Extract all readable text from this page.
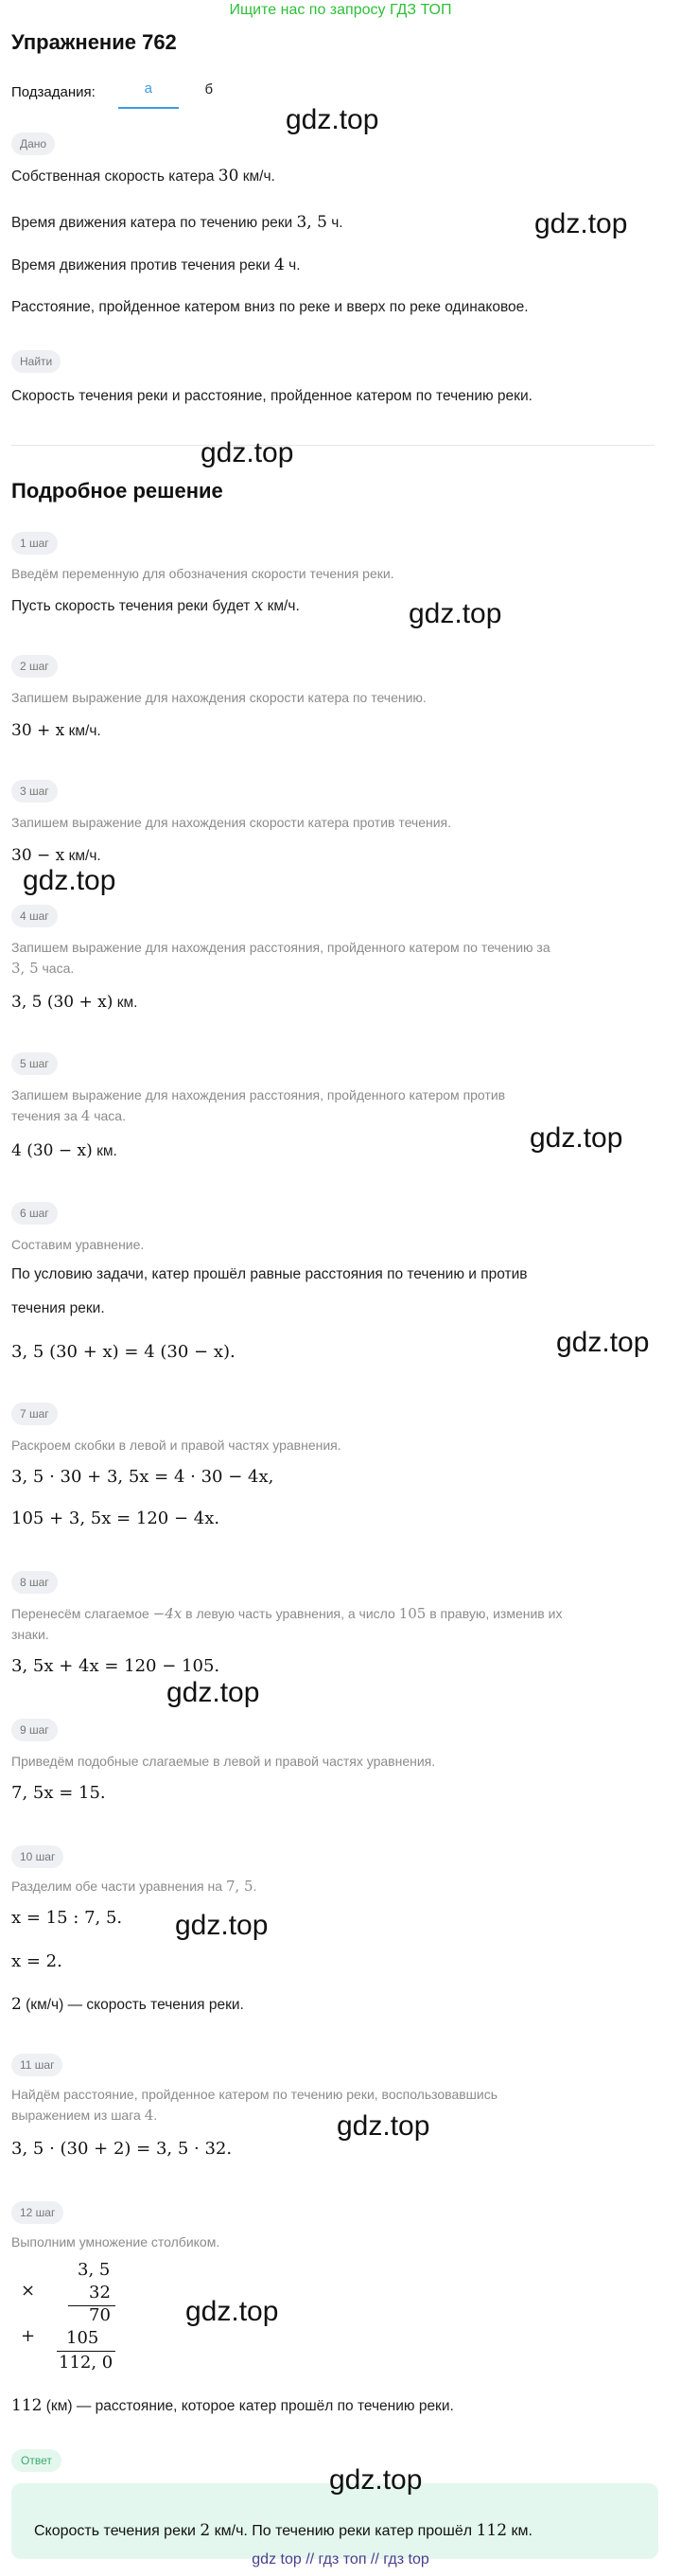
Ищите нас по запросу ГДЗ ТОП
Упражнение 762
Подзадания:	а	б
Дано
Собственная скорость катера 30 км/ч.
Время движения катера по течению реки 3, 5 ч.
Время движения против течения реки 4 ч.
Расстояние, пройденное катером вниз по реке и вверх по реке одинаковое.
Найти
Скорость течения реки и расстояние, пройденное катером по течению реки.
Подробное решение
1 шаг
Введём переменную для обозначения скорости течения реки.
Пусть скорость течения реки будет x км/ч.
2 шаг
Запишем выражение для нахождения скорости катера по течению.
30 + x км/ч.
3 шаг
Запишем выражение для нахождения скорости катера против течения.
30 − x км/ч.
4 шаг
Запишем выражение для нахождения расстояния, пройденного катером по течению за
3, 5 часа.
3, 5 (30 + x) км.
5 шаг
Запишем выражение для нахождения расстояния, пройденного катером против
течения за 4 часа.
4 (30 − x) км.
6 шаг
Составим уравнение.
По условию задачи, катер прошёл равные расстояния по течению и против
течения реки.
3, 5 (30 + x) = 4 (30 − x).
7 шаг
Раскроем скобки в левой и правой частях уравнения.
3, 5 · 30 + 3, 5x = 4 · 30 − 4x,
105 + 3, 5x = 120 − 4x.
8 шаг
Перенесём слагаемое −4x в левую часть уравнения, а число 105 в правую, изменив их
знаки.
3, 5x + 4x = 120 − 105.
9 шаг
Приведём подобные слагаемые в левой и правой частях уравнения.
7, 5x = 15.
10 шаг
Разделим обе части уравнения на 7, 5.
x = 15 : 7, 5.
x = 2.
2 (км/ч) — скорость течения реки.
11 шаг
Найдём расстояние, пройденное катером по течению реки, воспользовавшись
выражением из шага 4.
3, 5 · (30 + 2) = 3, 5 · 32.
12 шаг
Выполним умножение столбиком.
×
3, 5
32
70
+ 105
112, 0
112 (км) — расстояние, которое катер прошёл по течению реки.
Ответ
Скорость течения реки 2 км/ч. По течению реки катер прошёл 112 км.
gdz.top
gdz.top
gdz.top
gdz.top
gdz.top
gdz.top
gdz.top
gdz.top
gdz.top
gdz.top
gdz.top
gdz.top
gdz top // гдз топ // гдз top
